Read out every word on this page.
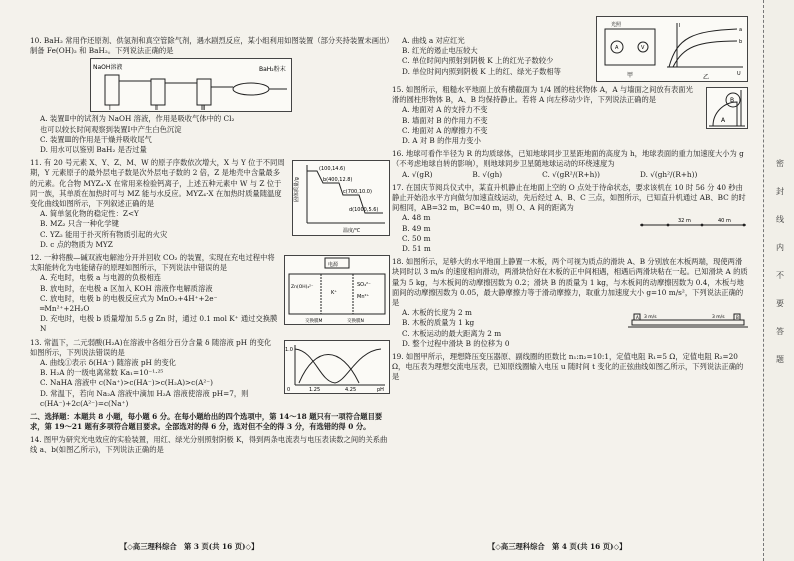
10. BaH₂ 常用作还原剂、供氢剂和真空管除气剂，遇水剧烈反应，某小组利用如图装置（部分夹持装置未画出）制备 Fe(OH)₂ 和 BaH₂。下列说法正确的是
NaOH溶液	BaH₂粉末
Ⅰ	Ⅱ	Ⅲ
A. 装置Ⅱ中的试剂为 NaOH 溶液，作用是吸收气体中的 Cl₂
也可以较长时间观察到装置Ⅰ中产生白色沉淀
C. 装置Ⅲ的作用是干燥并吸收尾气
D. 用水可以鉴别 BaH₂ 是否过量
(100,14.6)
b(400,12.8)
c(700,10.0)
d(1000,5.6)
温度/℃
固体质量/g
11. 有 20 号元素 X、Y、Z、M、W 的原子序数依次增大，X 与 Y 位于不同周期，Y 元素原子的最外层电子数是次外层电子数的 2 倍，Z 是地壳中含量最多的元素。化合物 MYZ₄·X 在常用来检验钙离子，上述五种元素中 W 与 Z 位于同一族，其单质在加热时可与 MZ 能与水反应。MYZ₄·X 在加热时质量随温度变化曲线如图所示，下列叙述正确的是
A. 简单氢化物的稳定性：Z<Y
B. MZ₂ 只含一种化学键
C. YZ₂ 能用于扑灭所有物质引起的火灾
D. c 点的物质为 MYZ
电源
Zn(OH)₄²⁻
K⁺
SO₄²⁻
Mn²⁺
交换膜M	交换膜N
12. 一种将酸—碱双液电解池分开并回收 CO₂ 的装置，实现在充电过程中将太阳能转化为电能储存的原理如图所示，下列说法中错误的是
A. 充电时，电极 a 与电源的负极相连
B. 放电时，在电极 a 区加入 KOH 溶液作电解质溶液
C. 放电时，电极 b 的电极反应式为 MnO₂+4H⁺+2e⁻
═Mn²⁺+2H₂O
D. 充电时，电极 b 质量增加 5.5 g Zn 时，通过 0.1 mol K⁺ 通过交换膜 N
1.0
0	1.25	4.25	pH
13. 常温下，二元弱酸(H₂A)在溶液中各组分百分含量 δ 随溶液 pH 的变化如图所示，下列说法错误的是
A. 曲线①表示 δ(HA⁻) 随溶液 pH 的变化
B. H₂A 的一级电离常数 Ka₁=10⁻¹·²⁵
C. NaHA 溶液中 c(Na⁺)>c(HA⁻)>c(H₂A)>c(A²⁻)
D. 常温下，若向 Na₂A 溶液中滴加 H₂A 溶液使溶液 pH=7，则 c(HA⁻)+2c(A²⁻)=c(Na⁺)
二、选择题：本题共 8 小题，每小题 6 分。在每小题给出的四个选项中，第 14～18 题只有一项符合题目要求，第 19～21 题有多项符合题目要求。全部选对的得 6 分，选对但不全的得 3 分，有选错的得 0 分。
14. 图甲为研究光电效应的实验装置，用红、绿光分别照射阴极 K，得到两条电流表与电压表读数之间的关系曲线 a、b(如图乙所示)，下列说法正确的是
A	V
光照
甲
a
b
I
U
乙
A. 曲线 a 对应红光
B. 红光的遏止电压较大
C. 单位时间内照射到阴极 K 上的红光子数较少
D. 单位时间内照到阴极 K 上的红、绿光子数相等
A
B
15. 如图所示，粗糙水平地面上放有横截面为 1/4 圆的柱状物体 A，A 与墙面之间放有表面光滑的圆柱形物体 B，A、B 均保持静止。若将 A 向左移动少许，下列说法正确的是
A. 地面对 A 的支持力不变
B. 墙面对 B 的作用力不变
C. 地面对 A 的摩擦力不变
D. A 对 B 的作用力变小
16. 地球可看作半径为 R 的均质球体，已知地球同步卫星距地面的高度为 h，地球表面的重力加速度大小为 g（不考虑地球自转的影响），则地球同步卫星随地球运动的环绕速度为
A. √(gR)	B. √(gh)	C. √(gR²/(R+h))	D. √(gh²/(R+h))
17. 在国庆节阅兵仪式中，某直升机静止在地面上空的 O 点处于待命状态，要求该机在 10 时 56 分 40 秒由静止开始沿水平方向做匀加速直线运动，先后经过 A、B、C 三点，如图所示，已知直升机通过 AB、BC 的时间相同，AB=32 m，BC=40 m，则 O、A 间的距离为
32 m	40 m
A. 48 m
B. 49 m
C. 50 m
D. 51 m
18. 如图所示，足够大的水平地面上静置一木板，两个可视为质点的滑块 A、B 分别放在木板两端，现使两滑块同时以 3 m/s 的速度相向滑动，两滑块恰好在木板的正中间相遇，相遇后两滑块粘在一起。已知滑块 A 的质量为 5 kg，与木板间的动摩擦因数为 0.2；滑块 B 的质量为 1 kg，与木板间的动摩擦因数为 0.4，木板与地面间的动摩擦因数为 0.05，最大静摩擦力等于滑动摩擦力，取重力加速度大小 g=10 m/s²，下列说法正确的是
A	B
3 m/s	3 m/s
A. 木板的长度为 2 m
B. 木板的质量为 1 kg
C. 木板运动的最大距离为 2 m
D. 整个过程中滑块 B 的位移为 0
19. 如图甲所示，理想降压变压器原、副线圈的匝数比 n₁:n₂=10:1，定值电阻 R₁=5 Ω，定值电阻 R₂=20 Ω，电压表为理想交流电压表，已知原线圈输入电压 u 随时间 t 变化的正弦曲线如图乙所示，下列说法正确的是
密
封
线
内
不
要
答
题
【◇高三理科综合　第 3 页(共 16 页)◇】	【◇高三理科综合　第 4 页(共 16 页)◇】
